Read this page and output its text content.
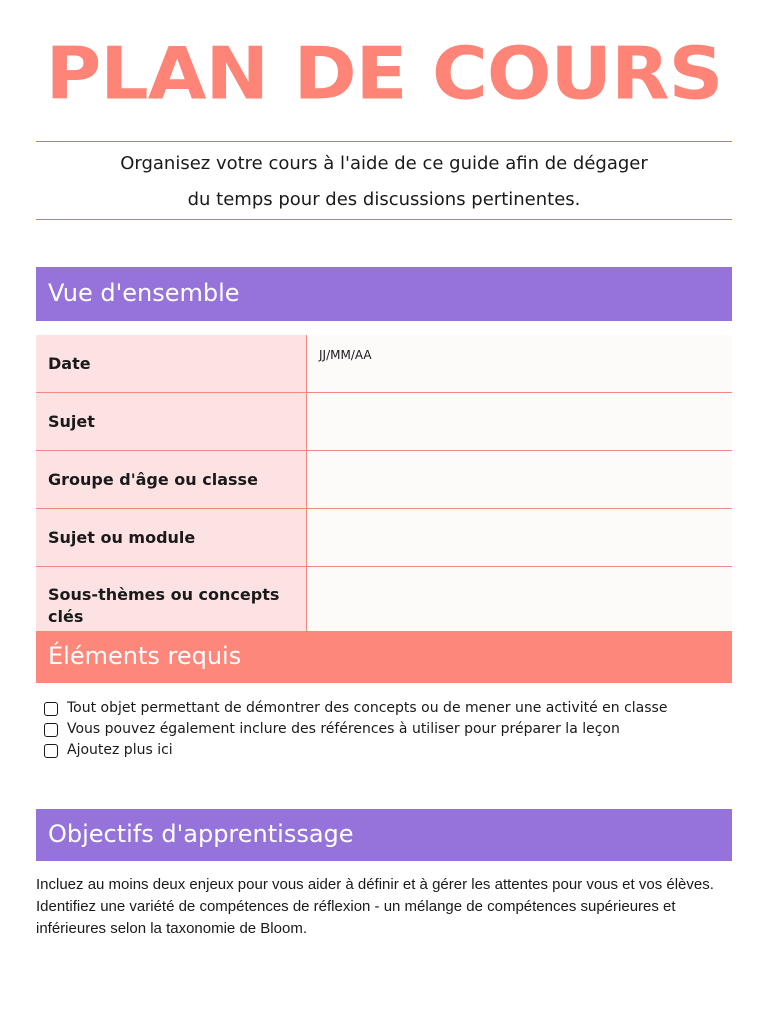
PLAN DE COURS
Organisez votre cours à l'aide de ce guide afin de dégager
du temps pour des discussions pertinentes.
Vue d'ensemble
Date	JJ/MM/AA
Sujet	
Groupe d'âge ou classe	
Sujet ou module	
Sous-thèmes ou concepts clés	
Éléments requis
Tout objet permettant de démontrer des concepts ou de mener une activité en classe
Vous pouvez également inclure des références à utiliser pour préparer la leçon
Ajoutez plus ici
Objectifs d'apprentissage
Incluez au moins deux enjeux pour vous aider à définir et à gérer les attentes pour vous et vos élèves. Identifiez une variété de compétences de réflexion - un mélange de compétences supérieures et inférieures selon la taxonomie de Bloom.
